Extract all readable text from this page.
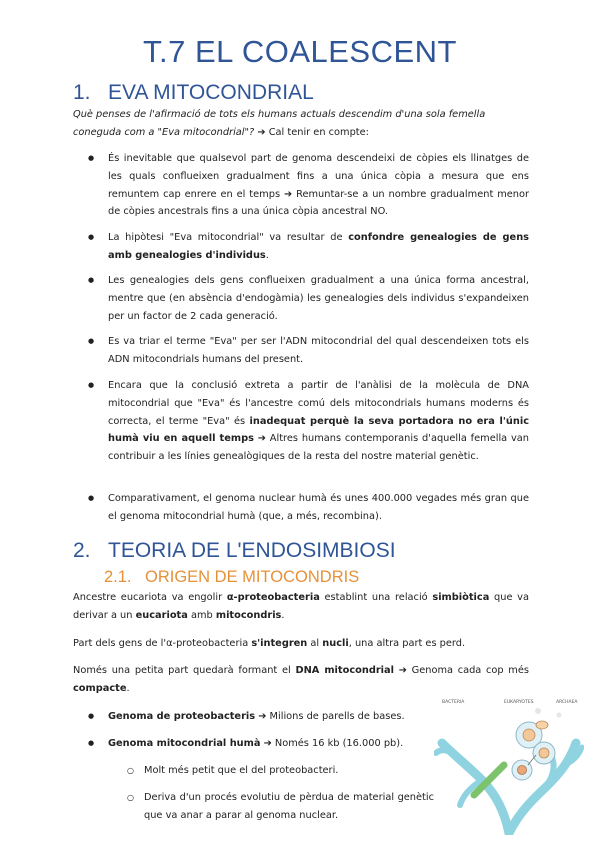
T.7 EL COALESCENT
1. EVA MITOCONDRIAL

Què penses de l'afirmació de tots els humans actuals descendim d'una sola femella coneguda com a "Eva mitocondrial"? ➔ Cal tenir en compte:

● És inevitable que qualsevol part de genoma descendeixi de còpies els llinatges de les quals conflueixen gradualment fins a una única còpia a mesura que ens remuntem cap enrere en el temps ➔ Remuntar-se a un nombre gradualment menor de còpies ancestrals fins a una única còpia ancestral NO.
● La hipòtesi "Eva mitocondrial" va resultar de confondre genealogies de gens amb genealogies d'individus.
● Les genealogies dels gens conflueixen gradualment a una única forma ancestral, mentre que (en absència d'endogàmia) les genealogies dels individus s'expandeixen per un factor de 2 cada generació.
● Es va triar el terme "Eva" per ser l'ADN mitocondrial del qual descendeixen tots els ADN mitocondrials humans del present.
● Encara que la conclusió extreta a partir de l'anàlisi de la molècula de DNA mitocondrial que "Eva" és l'ancestre comú dels mitocondrials humans moderns és correcta, el terme "Eva" és inadequat perquè la seva portadora no era l'únic humà viu en aquell temps ➔ Altres humans contemporanis d'aquella femella van contribuir a les línies genealògiques de la resta del nostre material genètic.
● Comparativament, el genoma nuclear humà és unes 400.000 vegades més gran que el genoma mitocondrial humà (que, a més, recombina).
2. TEORIA DE L'ENDOSIMBIOSI
2.1. ORIGEN DE MITOCONDRIS

Ancestre eucariota va engolir α-proteobacteria establint una relació simbiòtica que va derivar a un eucariota amb mitocondris.

Part dels gens de l'α-proteobacteria s'integren al nucli, una altra part es perd.

Només una petita part quedarà formant el DNA mitocondrial ➔ Genoma cada cop més compacte.

● Genoma de proteobacteris ➔ Milions de parells de bases.
● Genoma mitocondrial humà ➔ Només 16 kb (16.000 pb).
○ Molt més petit que el del proteobacteri.
○ Deriva d'un procés evolutiu de pèrdua de material genètic que va anar a parar al genoma nuclear.
BACTERIA	EUKARYOTES	ARCHAEA
